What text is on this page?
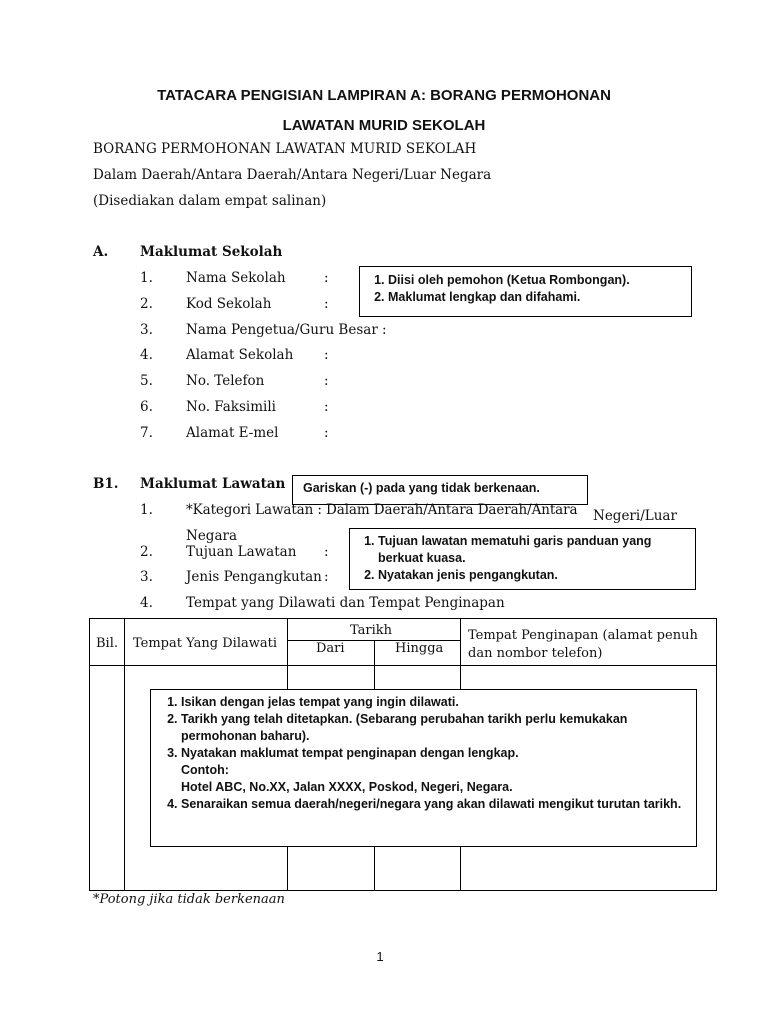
TATACARA PENGISIAN LAMPIRAN A: BORANG PERMOHONAN
LAWATAN MURID SEKOLAH
BORANG PERMOHONAN LAWATAN MURID SEKOLAH
Dalam Daerah/Antara Daerah/Antara Negeri/Luar Negara
(Disediakan dalam empat salinan)
A. Maklumat Sekolah
1. Nama Sekolah	:
2. Kod Sekolah	:
3. Nama Pengetua/Guru Besar :
4. Alamat Sekolah :
5. No. Telefon	:
6. No. Faksimili	:
7. Alamat E-mel	:
1. Diisi oleh pemohon (Ketua Rombongan).
2. Maklumat lengkap dan difahami.
B1. Maklumat Lawatan	Gariskan (-) pada yang tidak berkenaan.
1. *Kategori Lawatan : Dalam Daerah/Antara Daerah/Antara Negeri/Luar
Negara
2. Tujuan Lawatan :
3. Jenis Pengangkutan :
1. Tujuan lawatan mematuhi garis panduan yang berkuat kuasa.
2. Nyatakan jenis pengangkutan.
4. Tempat yang Dilawati dan Tempat Penginapan
Bil. Tempat Yang Dilawati
Tarikh
Dari	Hingga
Tempat Penginapan (alamat penuh dan nombor telefon)
1. Isikan dengan jelas tempat yang ingin dilawati.
2. Tarikh yang telah ditetapkan. (Sebarang perubahan tarikh perlu kemukakan permohonan baharu).
3. Nyatakan maklumat tempat penginapan dengan lengkap.
Contoh:
Hotel ABC, No.XX, Jalan XXXX, Poskod, Negeri, Negara.
4. Senaraikan semua daerah/negeri/negara yang akan dilawati mengikut turutan tarikh.
*Potong jika tidak berkenaan
1
